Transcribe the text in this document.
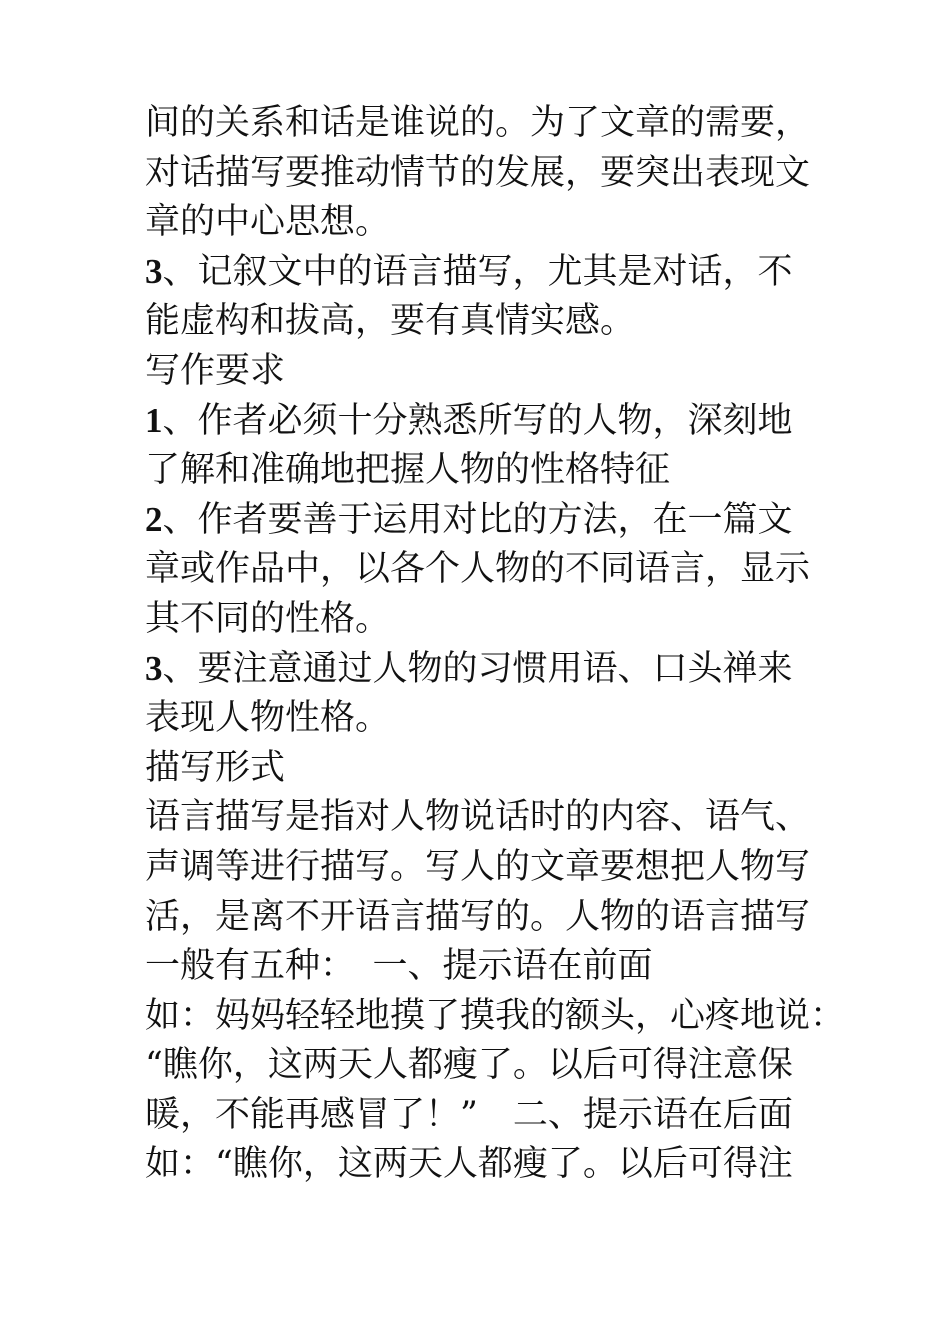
间的关系和话是谁说的。为了文章的需要，
对话描写要推动情节的发展，要突出表现文
章的中心思想。
3、记叙文中的语言描写，尤其是对话，不
能虚构和拔高，要有真情实感。
写作要求
1、作者必须十分熟悉所写的人物，深刻地
了解和准确地把握人物的性格特征
2、作者要善于运用对比的方法，在一篇文
章或作品中，以各个人物的不同语言，显示
其不同的性格。
3、要注意通过人物的习惯用语、口头禅来
表现人物性格。
描写形式
语言描写是指对人物说话时的内容、语气、
声调等进行描写。写人的文章要想把人物写
活，是离不开语言描写的。人物的语言描写
一般有五种：　一、提示语在前面
如：妈妈轻轻地摸了摸我的额头，心疼地说：
“瞧你，这两天人都瘦了。以后可得注意保
暖，不能再感冒了！”　二、提示语在后面
如：“瞧你，这两天人都瘦了。以后可得注
